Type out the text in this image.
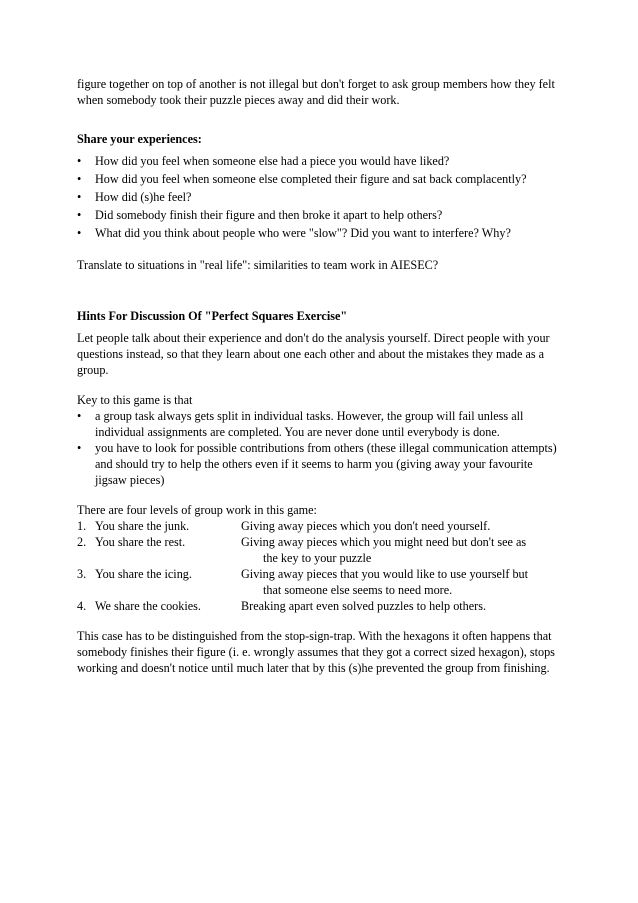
figure together on top of another is not illegal but don't forget to ask group members how they felt when somebody took their puzzle pieces away and did their work.

Share your experiences:

• How did you feel when someone else had a piece you would have liked?
• How did you feel when someone else completed their figure and sat back complacently?
• How did (s)he feel?
• Did somebody finish their figure and then broke it apart to help others?
• What did you think about people who were "slow"? Did you want to interfere? Why?

Translate to situations in "real life": similarities to team work in AIESEC?

Hints For Discussion Of "Perfect Squares Exercise"

Let people talk about their experience and don't do the analysis yourself. Direct people with your questions instead, so that they learn about one each other and about the mistakes they made as a group.

Key to this game is that

• a group task always gets split in individual tasks. However, the group will fail unless all individual assignments are completed. You are never done until everybody is done.
• you have to look for possible contributions from others (these illegal communication attempts) and should try to help the others even if it seems to harm you (giving away your favourite jigsaw pieces)

There are four levels of group work in this game:

1. You share the junk.	Giving away pieces which you don't need yourself.
2. You share the rest.	Giving away pieces which you might need but don't see as
the key to your puzzle
3. You share the icing.	Giving away pieces that you would like to use yourself but
that someone else seems to need more.
4. We share the cookies.	Breaking apart even solved puzzles to help others.

This case has to be distinguished from the stop-sign-trap. With the hexagons it often happens that somebody finishes their figure (i. e. wrongly assumes that they got a correct sized hexagon), stops working and doesn't notice until much later that by this (s)he prevented the group from finishing.
